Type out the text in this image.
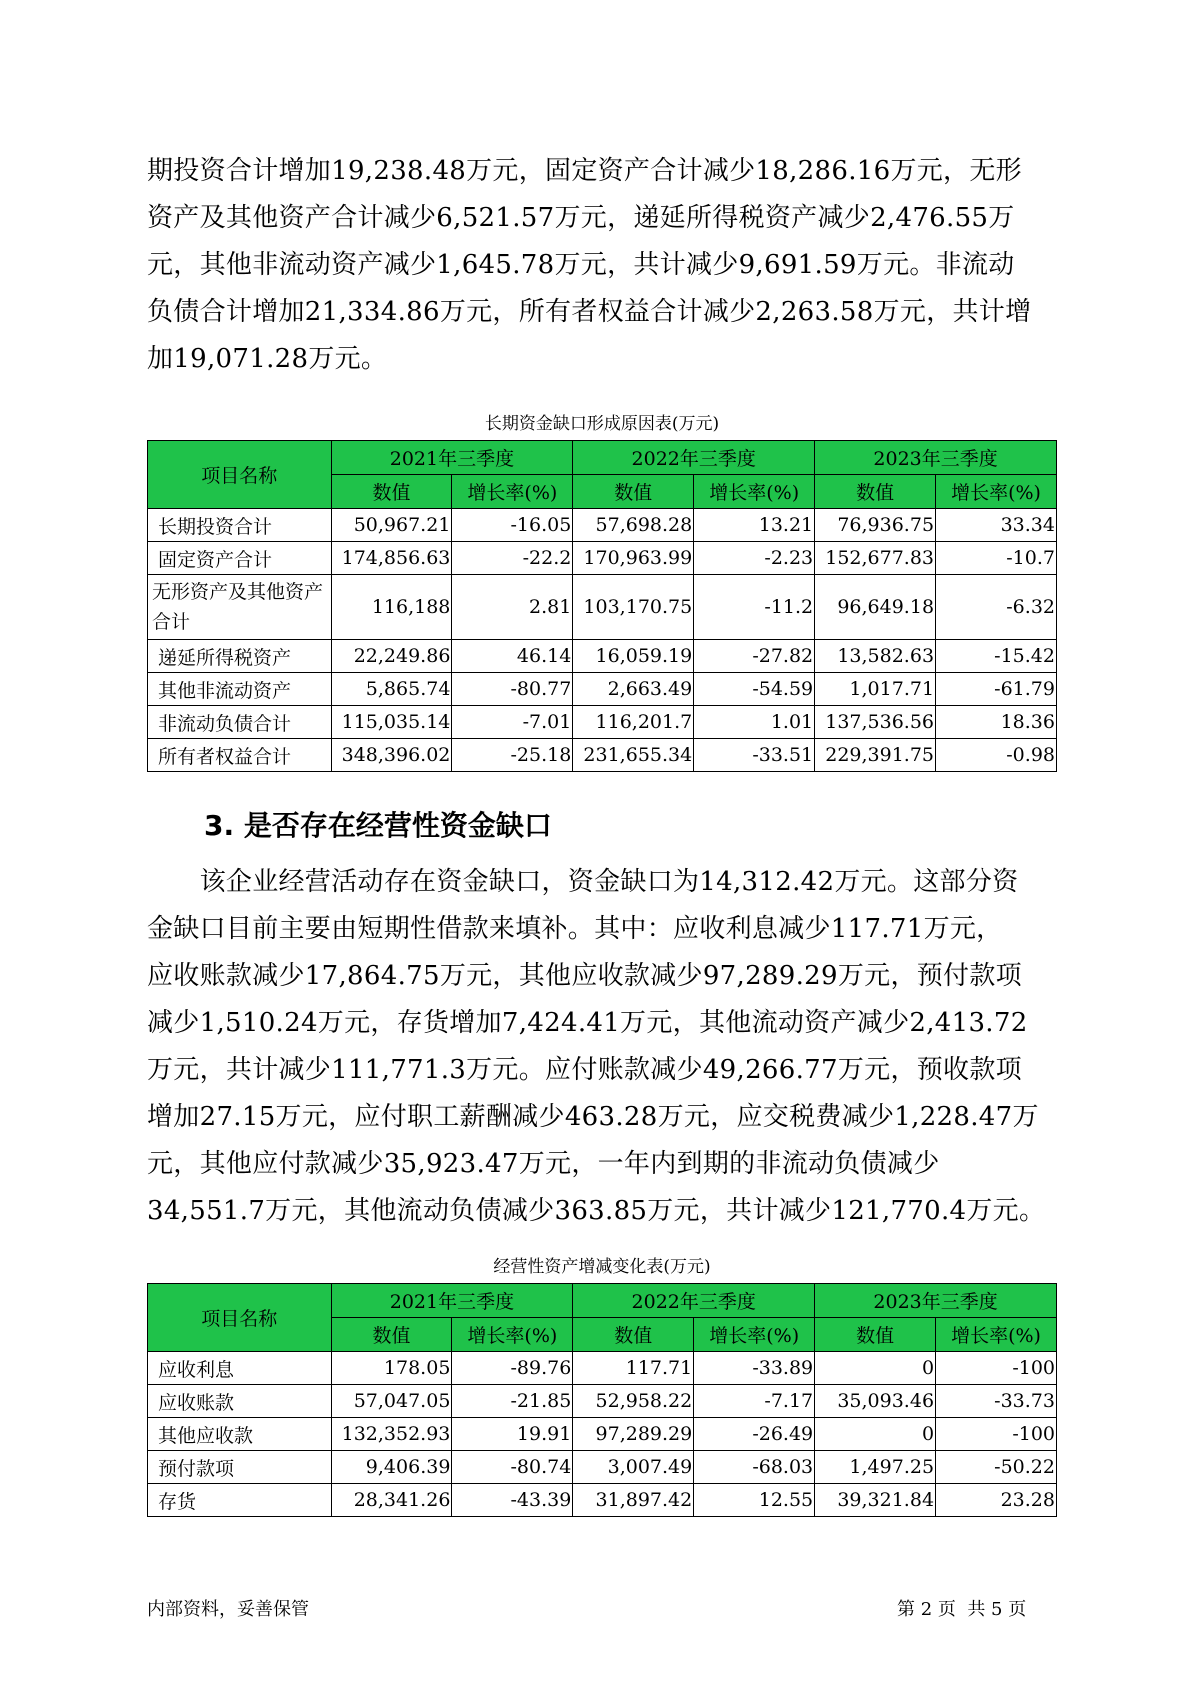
期投资合计增加19,238.48万元，固定资产合计减少18,286.16万元，无形
资产及其他资产合计减少6,521.57万元，递延所得税资产减少2,476.55万
元，其他非流动资产减少1,645.78万元，共计减少9,691.59万元。非流动
负债合计增加21,334.86万元，所有者权益合计减少2,263.58万元，共计增
加19,071.28万元。
长期资金缺口形成原因表(万元)
项目名称	2021年三季度		2022年三季度		2023年三季度	
	数值	增长率(%)	数值	增长率(%)	数值	增长率(%)
长期投资合计	50,967.21	-16.05	57,698.28	13.21	76,936.75	33.34
固定资产合计	174,856.63	-22.2	170,963.99	-2.23	152,677.83	-10.7
无形资产及其他资产合计	116,188	2.81	103,170.75	-11.2	96,649.18	-6.32
递延所得税资产	22,249.86	46.14	16,059.19	-27.82	13,582.63	-15.42
其他非流动资产	5,865.74	-80.77	2,663.49	-54.59	1,017.71	-61.79
非流动负债合计	115,035.14	-7.01	116,201.7	1.01	137,536.56	18.36
所有者权益合计	348,396.02	-25.18	231,655.34	-33.51	229,391.75	-0.98
3. 是否存在经营性资金缺口
　　该企业经营活动存在资金缺口，资金缺口为14,312.42万元。这部分资
金缺口目前主要由短期性借款来填补。其中：应收利息减少117.71万元，
应收账款减少17,864.75万元，其他应收款减少97,289.29万元，预付款项
减少1,510.24万元，存货增加7,424.41万元，其他流动资产减少2,413.72
万元，共计减少111,771.3万元。应付账款减少49,266.77万元，预收款项
增加27.15万元，应付职工薪酬减少463.28万元，应交税费减少1,228.47万
元，其他应付款减少35,923.47万元，一年内到期的非流动负债减少
34,551.7万元，其他流动负债减少363.85万元，共计减少121,770.4万元。
经营性资产增减变化表(万元)
项目名称	2021年三季度		2022年三季度		2023年三季度	
	数值	增长率(%)	数值	增长率(%)	数值	增长率(%)
应收利息	178.05	-89.76	117.71	-33.89	0	-100
应收账款	57,047.05	-21.85	52,958.22	-7.17	35,093.46	-33.73
其他应收款	132,352.93	19.91	97,289.29	-26.49	0	-100
预付款项	9,406.39	-80.74	3,007.49	-68.03	1,497.25	-50.22
存货	28,341.26	-43.39	31,897.42	12.55	39,321.84	23.28
内部资料，妥善保管	第 2 页  共 5 页
